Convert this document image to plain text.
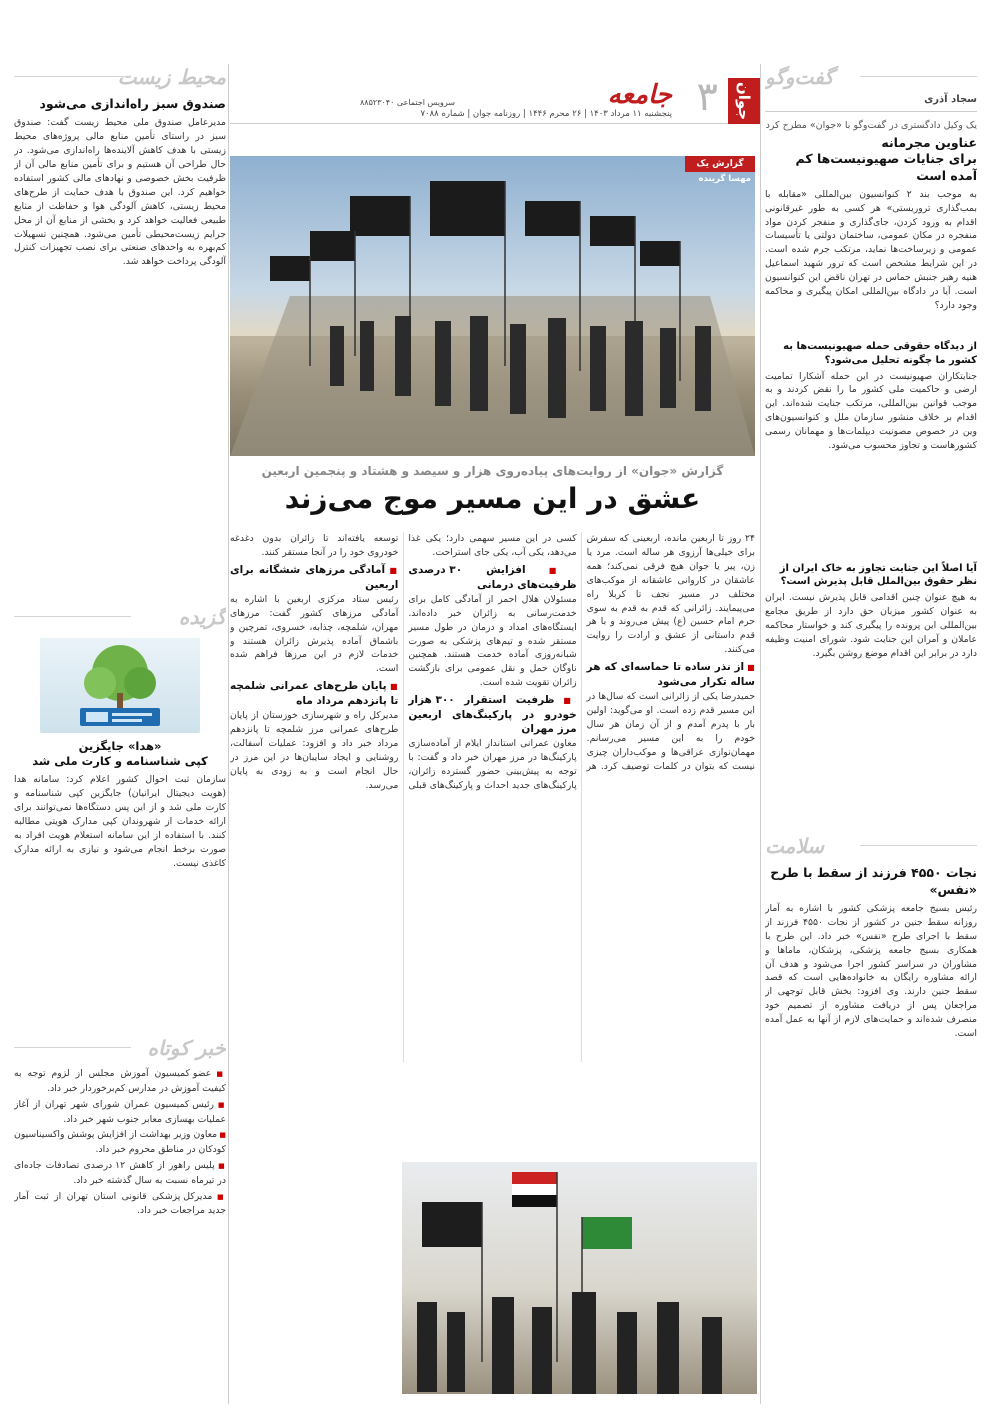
جوان
۳
جامعه
پنجشنبه ۱۱ مرداد ۱۴۰۳ | ۲۶ محرم ۱۴۴۶ | روزنامه جوان | شماره ۷۰۸۸
سرویس اجتماعی ۸۸۵۲۳۰۴۰
گفت‌وگو
سجاد آذری
یک وکیل دادگستری در گفت‌وگو با «جوان» مطرح کرد
عناوین مجرمانه
برای جنایات صهیونیست‌ها کم آمده است
به موجب بند ۲ کنوانسیون بین‌المللی «مقابله با بمب‌گذاری تروریستی» هر کسی به طور غیرقانونی اقدام به ورود کردن، جای‌گذاری و منفجر کردن مواد منفجره در مکان عمومی، ساختمان دولتی یا تأسیسات عمومی و زیرساخت‌ها نماید، مرتکب جرم شده است. در این شرایط مشخص است که ترور شهید اسماعیل هنیه رهبر جنبش حماس در تهران ناقض این کنوانسیون است. آیا در دادگاه بین‌المللی امکان پیگیری و محاکمه وجود دارد؟
از دیدگاه حقوقی حمله صهیونیست‌ها به کشور ما چگونه تحلیل می‌شود؟
جنایتکاران صهیونیست در این حمله آشکارا تمامیت ارضی و حاکمیت ملی کشور ما را نقض کردند و به موجب قوانین بین‌المللی، مرتکب جنایت شده‌اند. این اقدام بر خلاف منشور سازمان ملل و کنوانسیون‌های وین در خصوص مصونیت دیپلمات‌ها و مهمانان رسمی کشورهاست و تجاوز محسوب می‌شود.
آیا اصلاً این جنایت تجاوز به خاک ایران از نظر حقوق بین‌الملل قابل پذیرش است؟
به هیچ عنوان چنین اقدامی قابل پذیرش نیست. ایران به عنوان کشور میزبان حق دارد از طریق مجامع بین‌المللی این پرونده را پیگیری کند و خواستار محاکمه عاملان و آمران این جنایت شود. شورای امنیت وظیفه دارد در برابر این اقدام موضع روشن بگیرد.
سلامت
نجات ۴۵۵۰ فرزند از سقط با طرح «نفس»
رئیس بسیج جامعه پزشکی کشور با اشاره به آمار روزانه سقط جنین در کشور از نجات ۴۵۵۰ فرزند از سقط با اجرای طرح «نفس» خبر داد. این طرح با همکاری بسیج جامعه پزشکی، پزشکان، ماماها و مشاوران در سراسر کشور اجرا می‌شود و هدف آن ارائه مشاوره رایگان به خانواده‌هایی است که قصد سقط جنین دارند. وی افزود: بخش قابل توجهی از مراجعان پس از دریافت مشاوره از تصمیم خود منصرف شده‌اند و حمایت‌های لازم از آنها به عمل آمده است.
گزارش یک
مهسا گرینده
گزارش «جوان» از روایت‌های پیاده‌روی هزار و سیصد و هشتاد و پنجمین اربعین
عشق در این مسیر موج می‌زند

۲۴ روز تا اربعین مانده، اربعینی که سفرش برای خیلی‌ها آرزوی هر ساله است. مرد یا زن، پیر یا جوان هیچ فرقی نمی‌کند؛ همه عاشقان در کاروانی عاشقانه از موکب‌های مختلف در مسیر نجف تا کربلا راه می‌پیمایند. زائرانی که قدم به قدم به سوی حرم امام حسین (ع) پیش می‌روند و با هر قدم داستانی از عشق و ارادت را روایت می‌کنند.

■ از نذر ساده تا حماسه‌ای که هر ساله تکرار می‌شود

حمیدرضا یکی از زائرانی است که سال‌ها در این مسیر قدم زده است. او می‌گوید: اولین بار با پدرم آمدم و از آن زمان هر سال خودم را به این مسیر می‌رسانم. مهمان‌نوازی عراقی‌ها و موکب‌داران چیزی نیست که بتوان در کلمات توصیف کرد. هر کسی در این مسیر سهمی دارد؛ یکی غذا می‌دهد، یکی آب، یکی جای استراحت.

■ افزایش ۳۰ درصدی ظرفیت‌های درمانی

مسئولان هلال احمر از آمادگی کامل برای خدمت‌رسانی به زائران خبر داده‌اند. ایستگاه‌های امداد و درمان در طول مسیر مستقر شده و تیم‌های پزشکی به صورت شبانه‌روزی آماده خدمت هستند. همچنین ناوگان حمل و نقل عمومی برای بازگشت زائران تقویت شده است.

■ ظرفیت استقرار ۳۰۰ هزار خودرو در پارکینگ‌های اربعین مرز مهران

معاون عمرانی استاندار ایلام از آماده‌سازی پارکینگ‌ها در مرز مهران خبر داد و گفت: با توجه به پیش‌بینی حضور گسترده زائران، پارکینگ‌های جدید احداث و پارکینگ‌های قبلی توسعه یافته‌اند تا زائران بدون دغدغه خودروی خود را در آنجا مستقر کنند.

■ آمادگی مرزهای ششگانه برای اربعین

رئیس ستاد مرکزی اربعین با اشاره به آمادگی مرزهای کشور گفت: مرزهای مهران، شلمچه، چذابه، خسروی، تمرچین و باشماق آماده پذیرش زائران هستند و خدمات لازم در این مرزها فراهم شده است.

■ پایان طرح‌های عمرانی شلمچه تا پانزدهم مرداد ماه

مدیرکل راه و شهرسازی خوزستان از پایان طرح‌های عمرانی مرز شلمچه تا پانزدهم مرداد خبر داد و افزود: عملیات آسفالت، روشنایی و ایجاد سایبان‌ها در این مرز در حال انجام است و به زودی به پایان می‌رسد.

محیط زیست
صندوق سبز راه‌اندازی می‌شود
مدیرعامل صندوق ملی محیط زیست گفت: صندوق سبز در راستای تأمین منابع مالی پروژه‌های محیط زیستی با هدف کاهش آلاینده‌ها راه‌اندازی می‌شود. در حال طراحی آن هستیم و برای تأمین منابع مالی آن از ظرفیت بخش خصوصی و نهادهای مالی کشور استفاده خواهیم کرد. این صندوق با هدف حمایت از طرح‌های محیط زیستی، کاهش آلودگی هوا و حفاظت از منابع طبیعی فعالیت خواهد کرد و بخشی از منابع آن از محل جرایم زیست‌محیطی تأمین می‌شود. همچنین تسهیلات کم‌بهره به واحدهای صنعتی برای نصب تجهیزات کنترل آلودگی پرداخت خواهد شد.
گزیده
«هدا» جایگزین
کپی شناسنامه و کارت ملی شد
سازمان ثبت احوال کشور اعلام کرد: سامانه هدا (هویت دیجیتال ایرانیان) جایگزین کپی شناسنامه و کارت ملی شد و از این پس دستگاه‌ها نمی‌توانند برای ارائه خدمات از شهروندان کپی مدارک هویتی مطالبه کنند. با استفاده از این سامانه استعلام هویت افراد به صورت برخط انجام می‌شود و نیازی به ارائه مدارک کاغذی نیست.
خبر کوتاه
■ عضو کمیسیون آموزش مجلس از لزوم توجه به کیفیت آموزش در مدارس کم‌برخوردار خبر داد.
■ رئیس کمیسیون عمران شورای شهر تهران از آغاز عملیات بهسازی معابر جنوب شهر خبر داد.
■ معاون وزیر بهداشت از افزایش پوشش واکسیناسیون کودکان در مناطق محروم خبر داد.
■ پلیس راهور از کاهش ۱۲ درصدی تصادفات جاده‌ای در تیرماه نسبت به سال گذشته خبر داد.
■ مدیرکل پزشکی قانونی استان تهران از ثبت آمار جدید مراجعات خبر داد.
